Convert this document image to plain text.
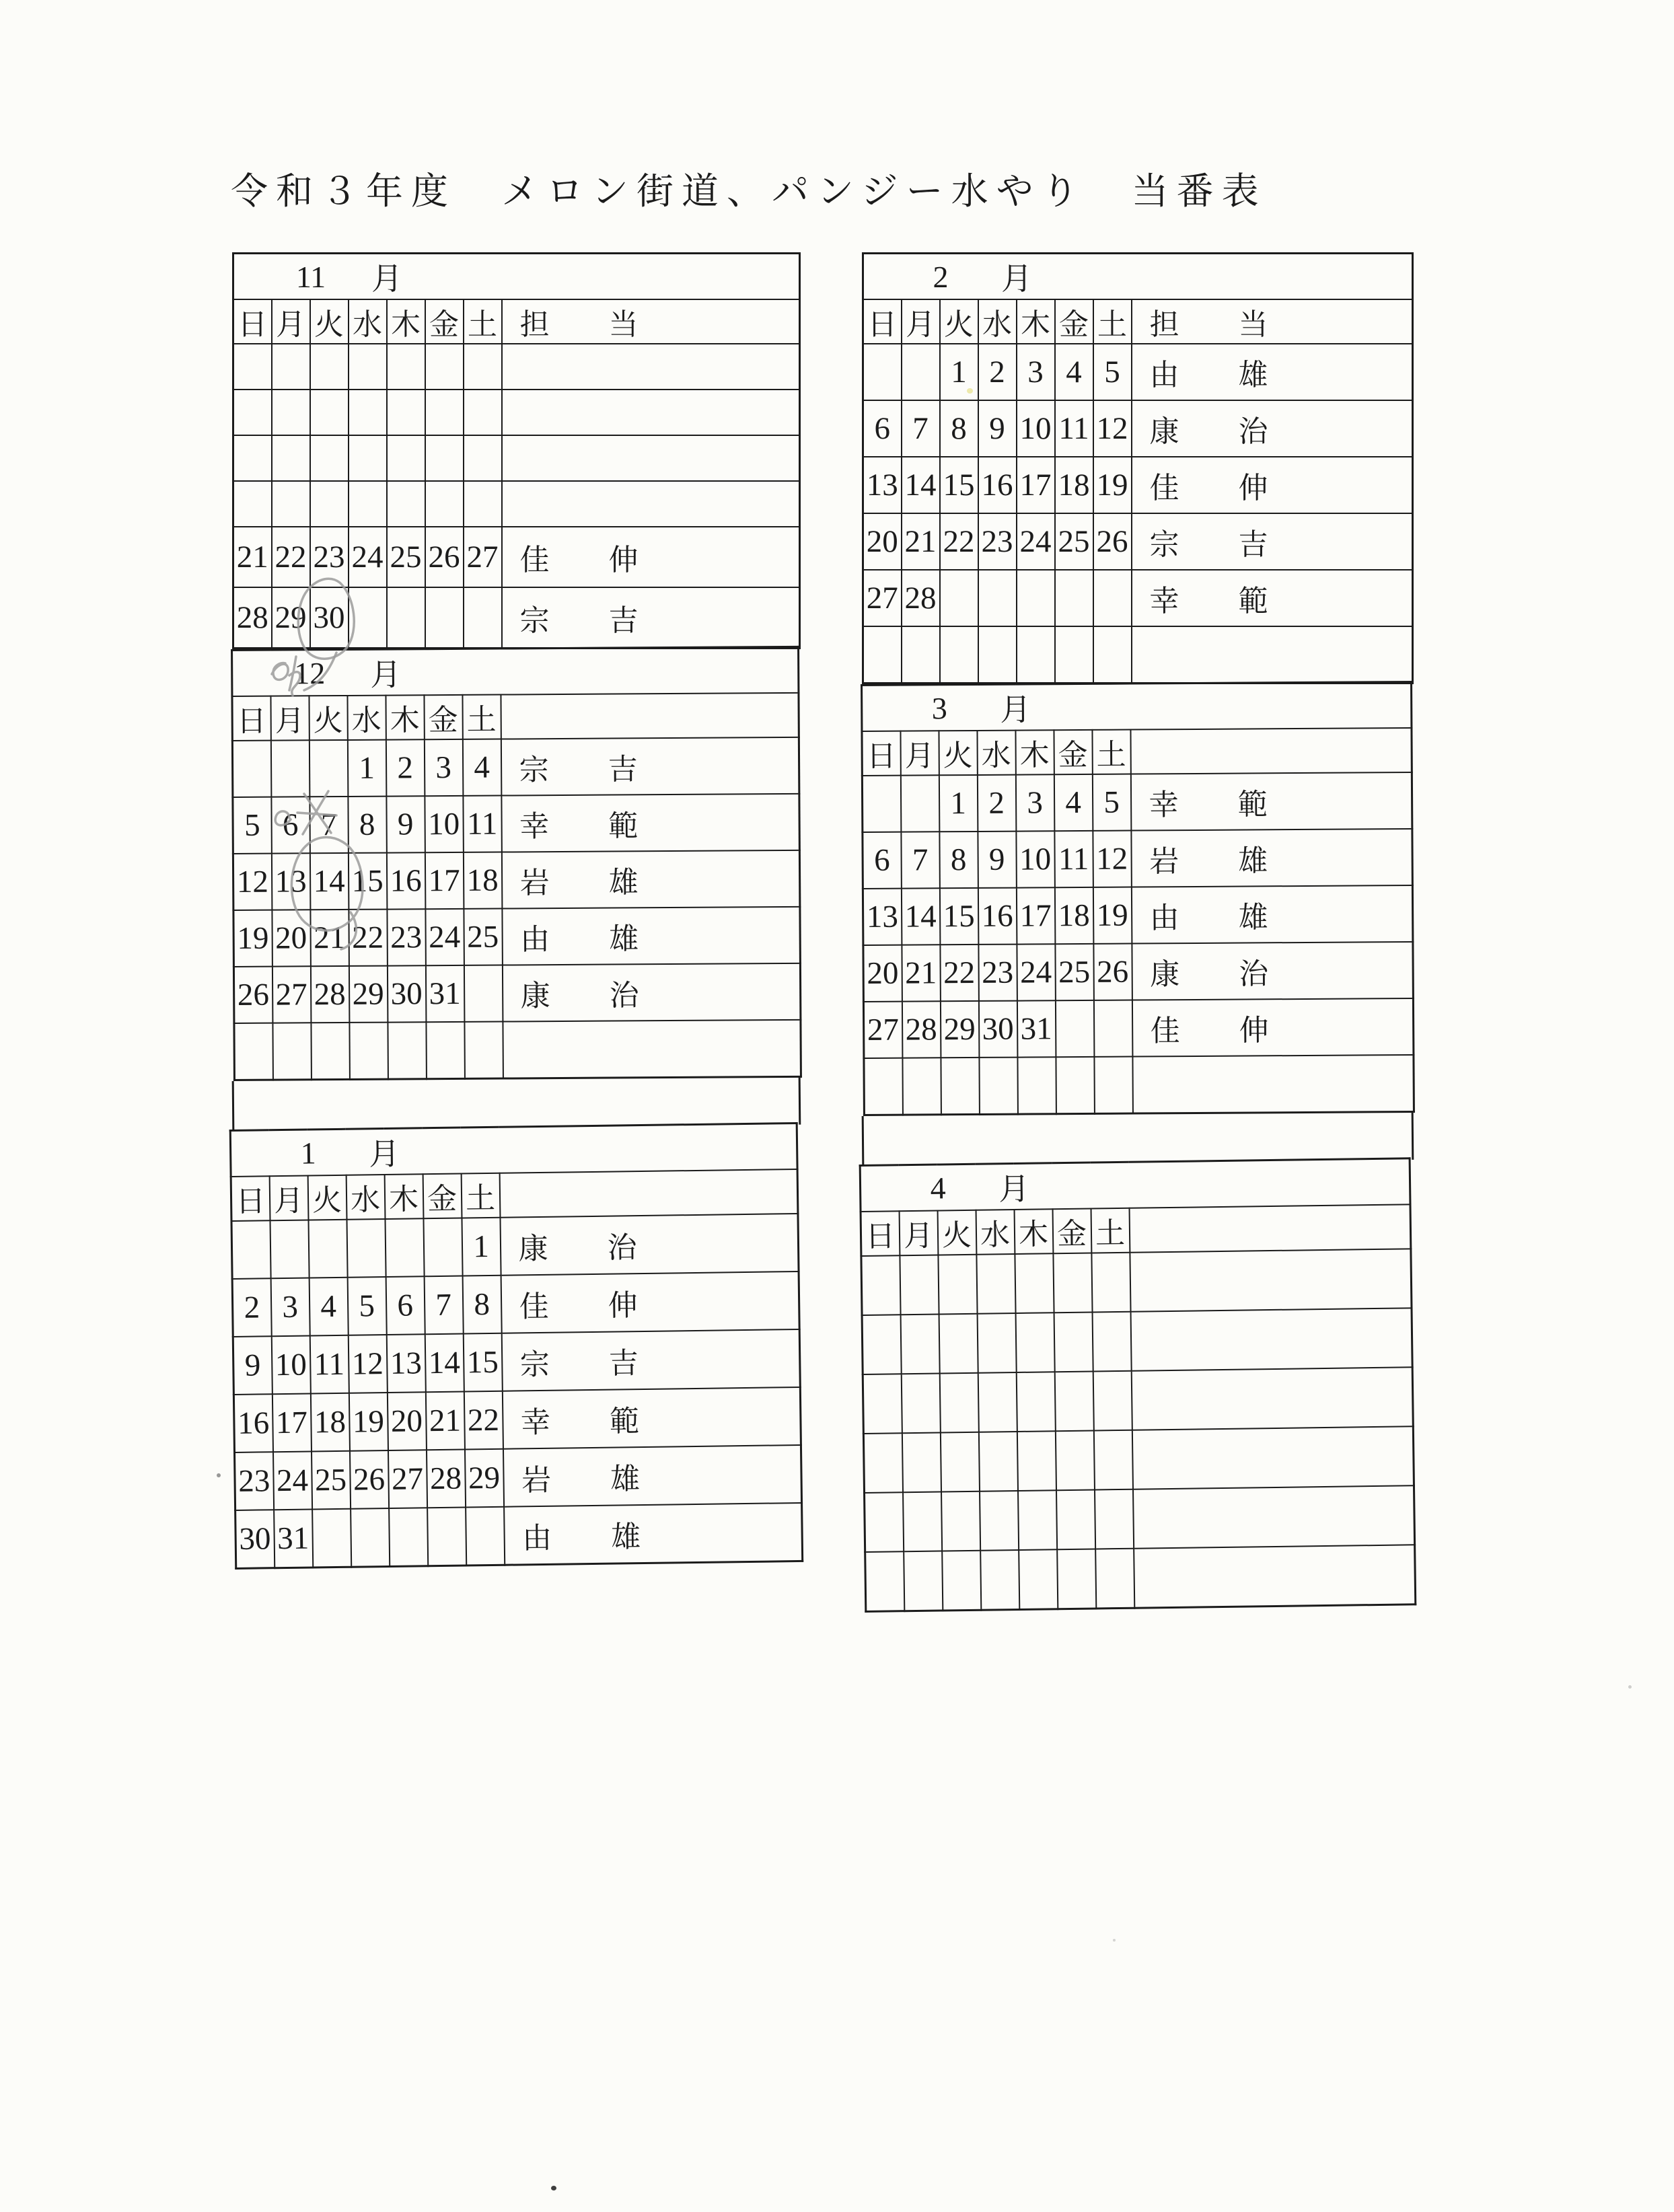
令和３年度　メロン街道、パンジー水やり　当番表
11 月							

日	月	火	水	木	金	土	担当

21	22	23	24	25	26	27	佳伸
28	29	30					宗吉
12 月							

日	月	火	水	木	金	土	
			1	2	3	4	宗吉
5	6	7	8	9	10	11	幸範
12	13	14	15	16	17	18	岩雄
19	20	21	22	23	24	25	由雄
26	27	28	29	30	31		康治

1 月							

日	月	火	水	木	金	土	
						1	康治
2	3	4	5	6	7	8	佳伸
9	10	11	12	13	14	15	宗吉
16	17	18	19	20	21	22	幸範
23	24	25	26	27	28	29	岩雄
30	31						由雄
2 月							

日	月	火	水	木	金	土	担当
		1	2	3	4	5	由雄
6	7	8	9	10	11	12	康治
13	14	15	16	17	18	19	佳伸
20	21	22	23	24	25	26	宗吉
27	28						幸範

3 月							

日	月	火	水	木	金	土	
		1	2	3	4	5	幸範
6	7	8	9	10	11	12	岩雄
13	14	15	16	17	18	19	由雄
20	21	22	23	24	25	26	康治
27	28	29	30	31			佳伸

4 月							

日	月	火	水	木	金	土	
